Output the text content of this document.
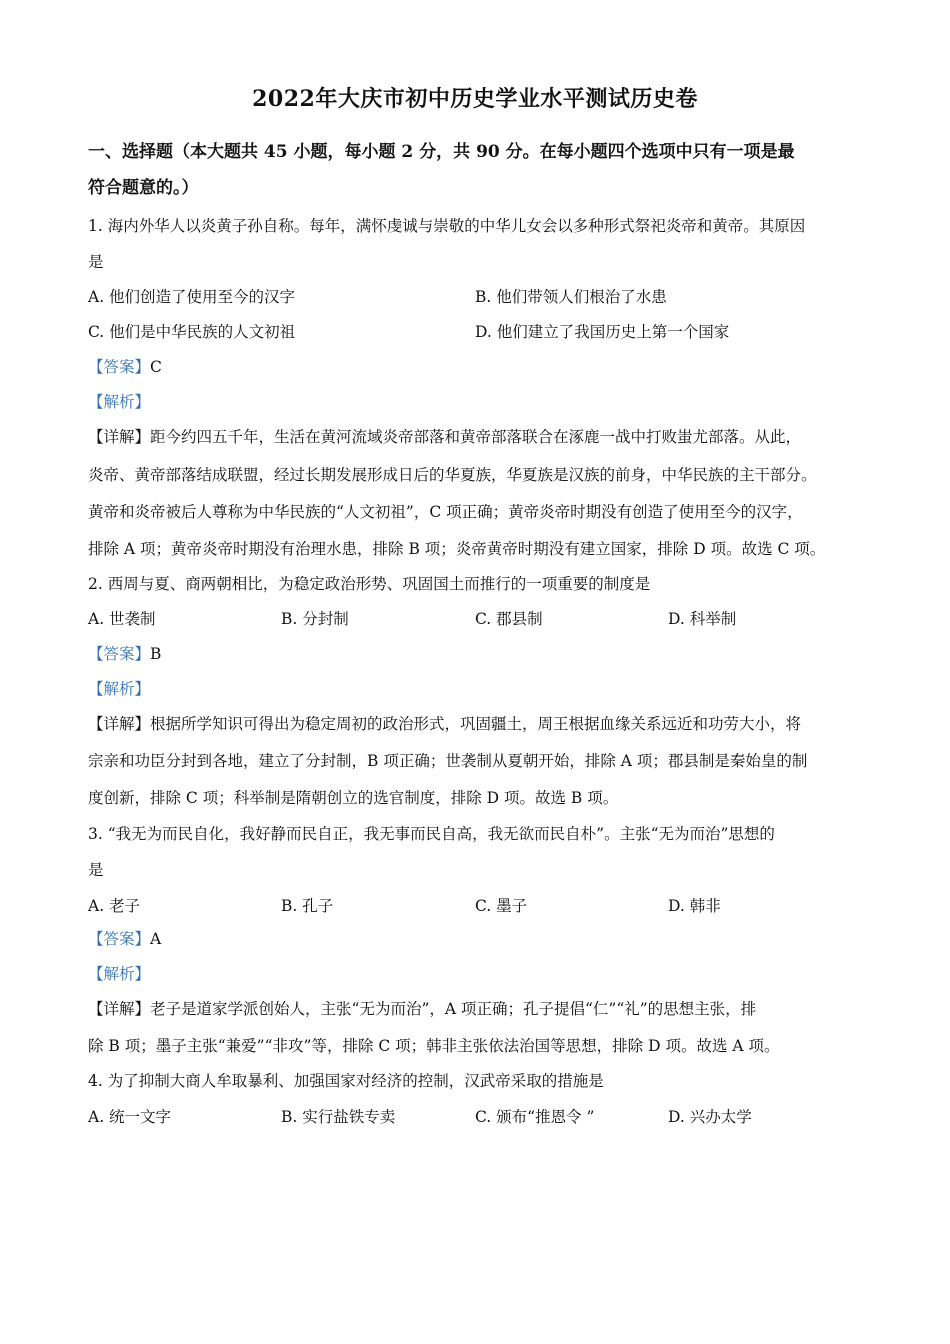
2022年大庆市初中历史学业水平测试历史卷
一、选择题（本大题共 45 小题，每小题 2 分，共 90 分。在每小题四个选项中只有一项是最
符合题意的。）
1. 海内外华人以炎黄子孙自称。每年，满怀虔诚与崇敬的中华儿女会以多种形式祭祀炎帝和黄帝。其原因
是
A. 他们创造了使用至今的汉字	B. 他们带领人们根治了水患
C. 他们是中华民族的人文初祖	D. 他们建立了我国历史上第一个国家
【答案】C
【解析】
【详解】距今约四五千年，生活在黄河流域炎帝部落和黄帝部落联合在涿鹿一战中打败蚩尤部落。从此，
炎帝、黄帝部落结成联盟，经过长期发展形成日后的华夏族，华夏族是汉族的前身，中华民族的主干部分。
黄帝和炎帝被后人尊称为中华民族的“人文初祖”，C 项正确；黄帝炎帝时期没有创造了使用至今的汉字，
排除 A 项；黄帝炎帝时期没有治理水患，排除 B 项；炎帝黄帝时期没有建立国家，排除 D 项。故选 C 项。
2. 西周与夏、商两朝相比，为稳定政治形势、巩固国土而推行的一项重要的制度是
A. 世袭制	B. 分封制	C. 郡县制	D. 科举制
【答案】B
【解析】
【详解】根据所学知识可得出为稳定周初的政治形式，巩固疆土，周王根据血缘关系远近和功劳大小，将
宗亲和功臣分封到各地，建立了分封制，B 项正确；世袭制从夏朝开始，排除 A 项；郡县制是秦始皇的制
度创新，排除 C 项；科举制是隋朝创立的选官制度，排除 D 项。故选 B 项。
3. “我无为而民自化，我好静而民自正，我无事而民自高，我无欲而民自朴”。主张“无为而治”思想的
是
A. 老子	B. 孔子	C. 墨子	D. 韩非
【答案】A
【解析】
【详解】老子是道家学派创始人，主张“无为而治”，A 项正确；孔子提倡“仁”“礼”的思想主张，排
除 B 项；墨子主张“兼爱”“非攻”等，排除 C 项；韩非主张依法治国等思想，排除 D 项。故选 A 项。
4. 为了抑制大商人牟取暴利、加强国家对经济的控制，汉武帝采取的措施是
A. 统一文字	B. 实行盐铁专卖	C. 颁布“推恩令 ”	D. 兴办太学
